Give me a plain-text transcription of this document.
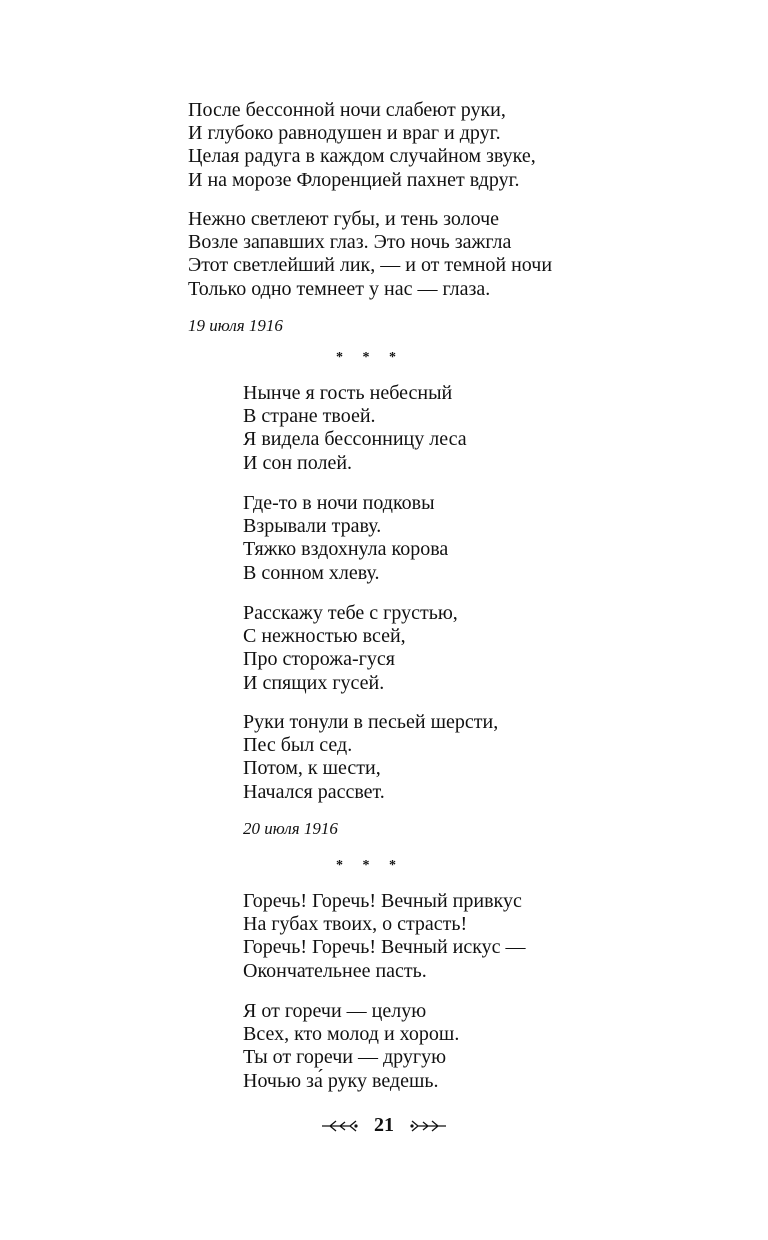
После бессонной ночи слабеют руки,
И глубоко равнодушен и враг и друг.
Целая радуга в каждом случайном звуке,
И на морозе Флоренцией пахнет вдруг.
Нежно светлеют губы, и тень золоче
Возле запавших глаз. Это ночь зажгла
Этот светлейший лик, — и от темной ночи
Только одно темнеет у нас — глаза.
19 июля 1916
* * *
Нынче я гость небесный
В стране твоей.
Я видела бессонницу леса
И сон полей.
Где-то в ночи подковы
Взрывали траву.
Тяжко вздохнула корова
В сонном хлеву.
Расскажу тебе с грустью,
С нежностью всей,
Про сторожа-гуся
И спящих гусей.
Руки тонули в песьей шерсти,
Пес был сед.
Потом, к шести,
Начался рассвет.
20 июля 1916
* * *
Горечь! Горечь! Вечный привкус
На губах твоих, о страсть!
Горечь! Горечь! Вечный искус —
Окончательнее пасть.
Я от горечи — целую
Всех, кто молод и хорош.
Ты от горечи — другую
Ночью за́ руку ведешь.
21
